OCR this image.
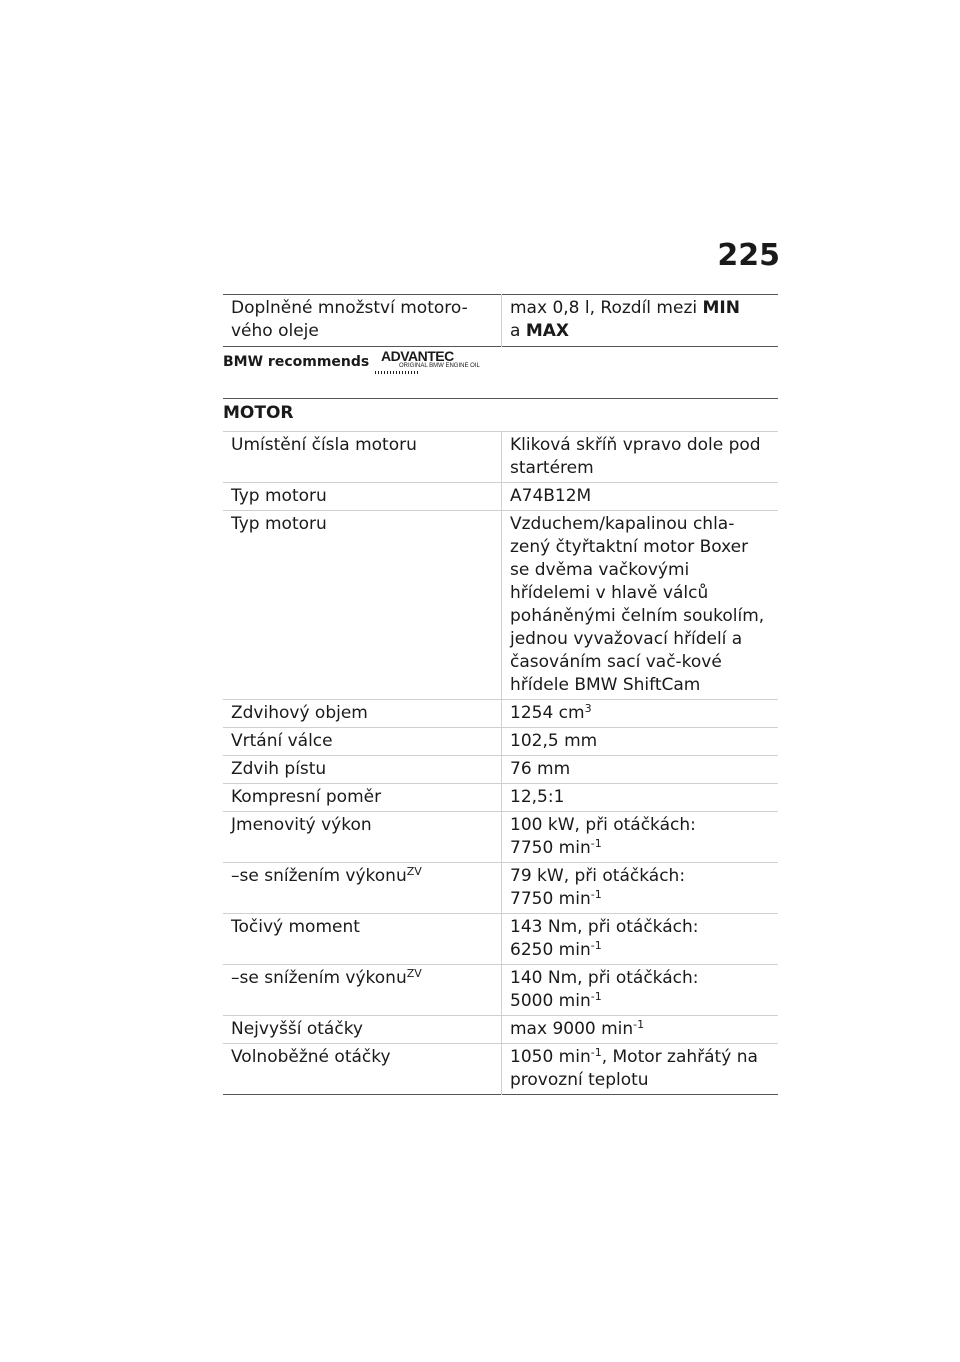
225
Doplněné množství motoro-vého oleje	max 0,8 l, Rozdíl mezi MIN
a MAX
BMW recommends ADVANTEC
ORIGINAL BMW ENGINE OIL
MOTOR
Umístění čísla motoru	Kliková skříň vpravo dole pod startérem
Typ motoru	A74B12M
Typ motoru	Vzduchem/kapalinou chla-zený čtyřtaktní motor Boxer se dvěma vačkovými hřídelemi v hlavě válců poháněnými čelním soukolím, jednou vyvažovací hřídelí a časováním sací vač-kové hřídele BMW ShiftCam
Zdvihový objem	1254 $cm^3$
Vrtání válce	102,5 mm
Zdvih pístu	76 mm
Kompresní poměr	12,5:1
Jmenovitý výkon	100 kW, při otáčkách:
7750 $\min^{-1}$
–se snížením výkonu$^{ZV}$	79 kW, při otáčkách:
7750 $\min^{-1}$
Točivý moment	143 Nm, při otáčkách:
6250 $\min^{-1}$
–se snížením výkonu$^{ZV}$	140 Nm, při otáčkách:
5000 $\min^{-1}$
Nejvyšší otáčky	max 9000 $\min^{-1}$
Volnoběžné otáčky	1050 $\min^{-1}$, Motor zahřátý na provozní teplotu
